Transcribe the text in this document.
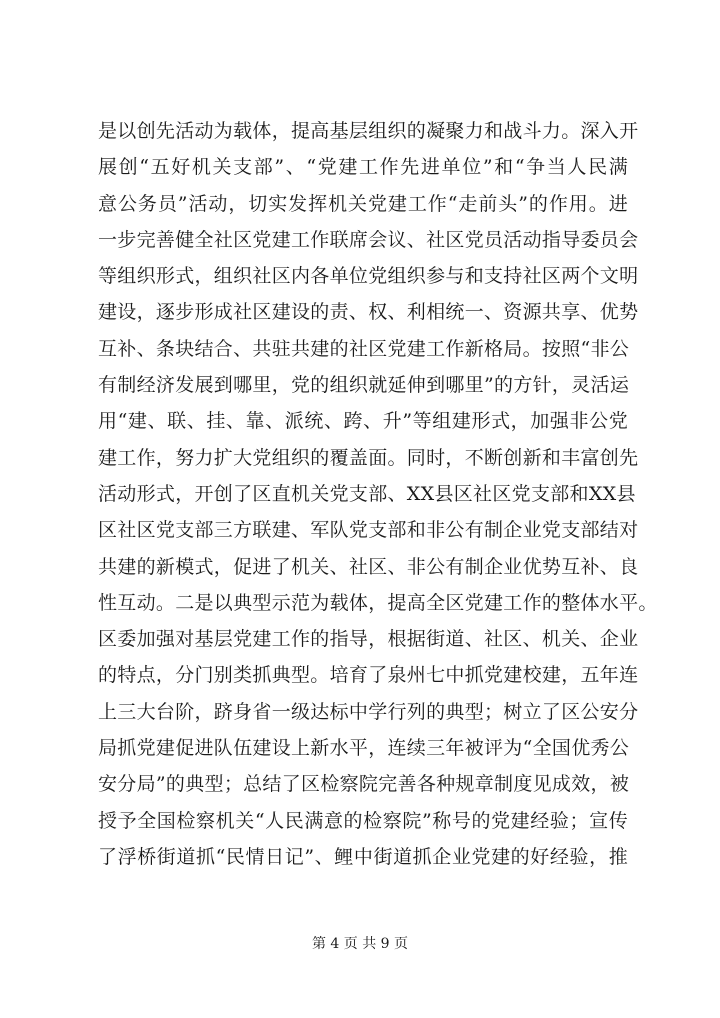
是以创先活动为载体，提高基层组织的凝聚力和战斗力。深入开
展创“五好机关支部”、“党建工作先进单位”和“争当人民满
意公务员”活动，切实发挥机关党建工作“走前头”的作用。进
一步完善健全社区党建工作联席会议、社区党员活动指导委员会
等组织形式，组织社区内各单位党组织参与和支持社区两个文明
建设，逐步形成社区建设的责、权、利相统一、资源共享、优势
互补、条块结合、共驻共建的社区党建工作新格局。按照“非公
有制经济发展到哪里，党的组织就延伸到哪里”的方针，灵活运
用“建、联、挂、靠、派统、跨、升”等组建形式，加强非公党
建工作，努力扩大党组织的覆盖面。同时，不断创新和丰富创先
活动形式，开创了区直机关党支部、XX县区社区党支部和XX县
区社区党支部三方联建、军队党支部和非公有制企业党支部结对
共建的新模式，促进了机关、社区、非公有制企业优势互补、良
性互动。二是以典型示范为载体，提高全区党建工作的整体水平。
区委加强对基层党建工作的指导，根据街道、社区、机关、企业
的特点，分门别类抓典型。培育了泉州七中抓党建校建，五年连
上三大台阶，跻身省一级达标中学行列的典型；树立了区公安分
局抓党建促进队伍建设上新水平，连续三年被评为“全国优秀公
安分局”的典型；总结了区检察院完善各种规章制度见成效，被
授予全国检察机关“人民满意的检察院”称号的党建经验；宣传
了浮桥街道抓“民情日记”、鲤中街道抓企业党建的好经验，推
第 4 页 共 9 页
